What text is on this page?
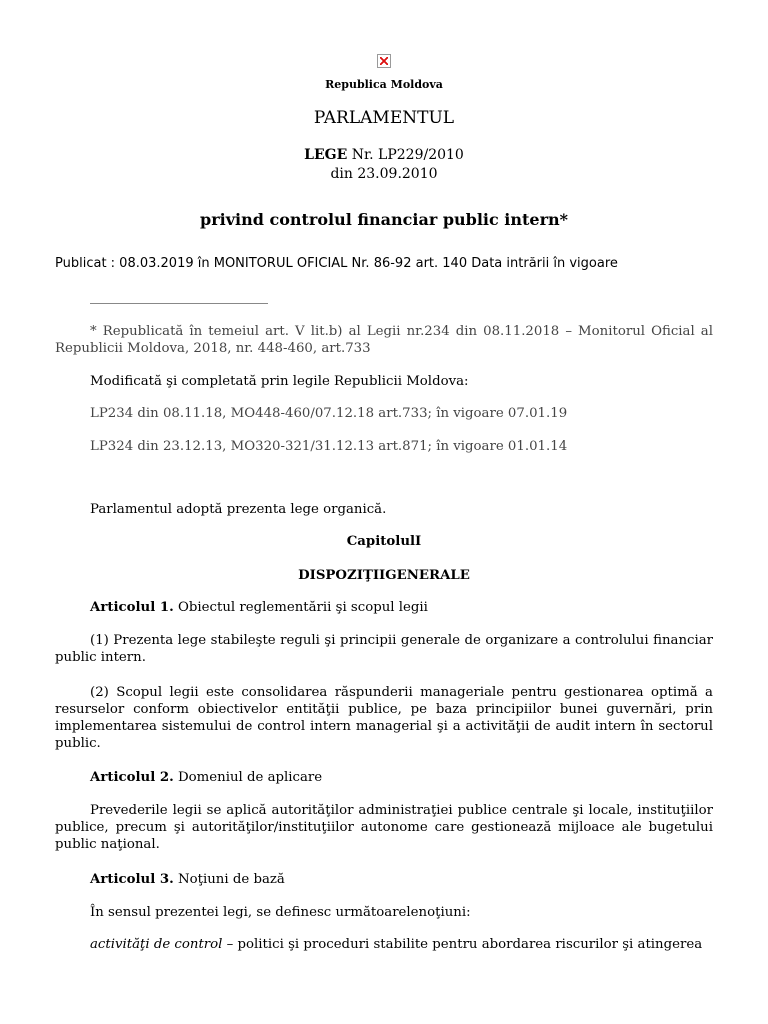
Republica Moldova
PARLAMENTUL
LEGE Nr. LP229/2010
din 23.09.2010
privind controlul financiar public intern*
Publicat : 08.03.2019 în MONITORUL OFICIAL Nr. 86-92 art. 140 Data intrării în vigoare
* Republicată în temeiul art. V lit.b) al Legii nr.234 din 08.11.2018 – Monitorul Oficial al Republicii Moldova, 2018, nr. 448-460, art.733
Modificată şi completată prin legile Republicii Moldova:
LP234 din 08.11.18, MO448-460/07.12.18 art.733; în vigoare 07.01.19
LP324 din 23.12.13, MO320-321/31.12.13 art.871; în vigoare 01.01.14
Parlamentul adoptă prezenta lege organică.
CapitolulI
DISPOZIŢIIGENERALE
Articolul 1. Obiectul reglementării şi scopul legii
(1) Prezenta lege stabileşte reguli şi principii generale de organizare a controlului financiar public intern.
(2) Scopul legii este consolidarea răspunderii manageriale pentru gestionarea optimă a resurselor conform obiectivelor entităţii publice, pe baza principiilor bunei guvernări, prin implementarea sistemului de control intern managerial şi a activităţii de audit intern în sectorul public.
Articolul 2. Domeniul de aplicare
Prevederile legii se aplică autorităţilor administraţiei publice centrale şi locale, instituţiilor publice, precum şi autorităţilor/instituţiilor autonome care gestionează mijloace ale bugetului public naţional.
Articolul 3. Noţiuni de bază
În sensul prezentei legi, se definesc următoarelenoţiuni:
activităţi de control – politici şi proceduri stabilite pentru abordarea riscurilor şi atingerea
